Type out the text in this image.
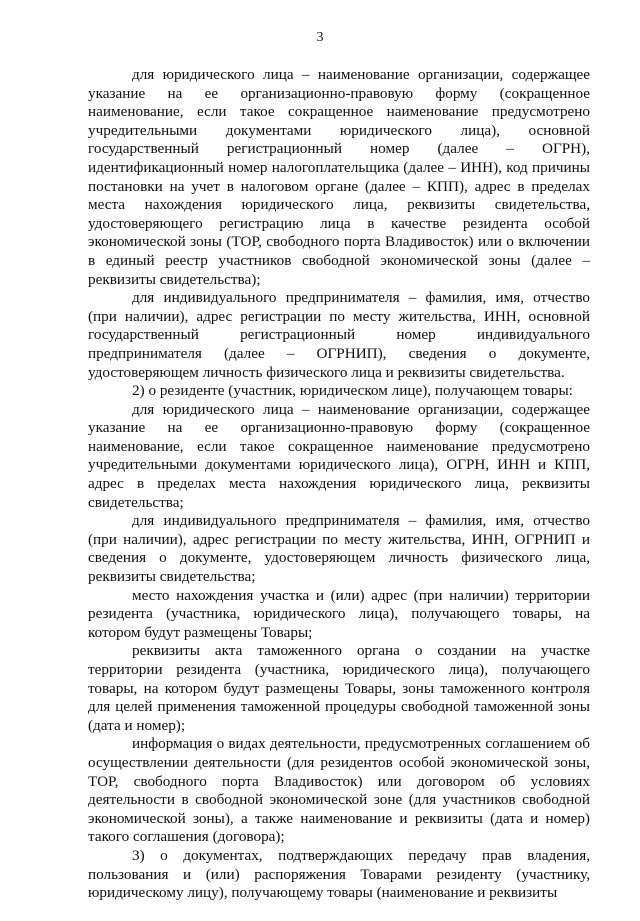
3

для юридического лица – наименование организации, содержащее указание на ее организационно-правовую форму (сокращенное наименование, если такое сокращенное наименование предусмотрено учредительными документами юридического лица), основной государственный регистрационный номер (далее – ОГРН), идентификационный номер налогоплательщика (далее – ИНН), код причины постановки на учет в налоговом органе (далее – КПП), адрес в пределах места нахождения юридического лица, реквизиты свидетельства, удостоверяющего регистрацию лица в качестве резидента особой экономической зоны (ТОР, свободного порта Владивосток) или о включении в единый реестр участников свободной экономической зоны (далее – реквизиты свидетельства);

для индивидуального предпринимателя – фамилия, имя, отчество (при наличии), адрес регистрации по месту жительства, ИНН, основной государственный регистрационный номер индивидуального предпринимателя (далее – ОГРНИП), сведения о документе, удостоверяющем личность физического лица и реквизиты свидетельства.

2) о резиденте (участник, юридическом лице), получающем товары:

для юридического лица – наименование организации, содержащее указание на ее организационно-правовую форму (сокращенное наименование, если такое сокращенное наименование предусмотрено учредительными документами юридического лица), ОГРН, ИНН и КПП, адрес в пределах места нахождения юридического лица, реквизиты свидетельства;

для индивидуального предпринимателя – фамилия, имя, отчество (при наличии), адрес регистрации по месту жительства, ИНН, ОГРНИП и сведения о документе, удостоверяющем личность физического лица, реквизиты свидетельства;

место нахождения участка и (или) адрес (при наличии) территории резидента (участника, юридического лица), получающего товары, на котором будут размещены Товары;

реквизиты акта таможенного органа о создании на участке территории резидента (участника, юридического лица), получающего товары, на котором будут размещены Товары, зоны таможенного контроля для целей применения таможенной процедуры свободной таможенной зоны (дата и номер);

информация о видах деятельности, предусмотренных соглашением об осуществлении деятельности (для резидентов особой экономической зоны, ТОР, свободного порта Владивосток) или договором об условиях деятельности в свободной экономической зоне (для участников свободной экономической зоны), а также наименование и реквизиты (дата и номер) такого соглашения (договора);

3) о документах, подтверждающих передачу прав владения, пользования и (или) распоряжения Товарами резиденту (участнику, юридическому лицу), получающему товары (наименование и реквизиты
